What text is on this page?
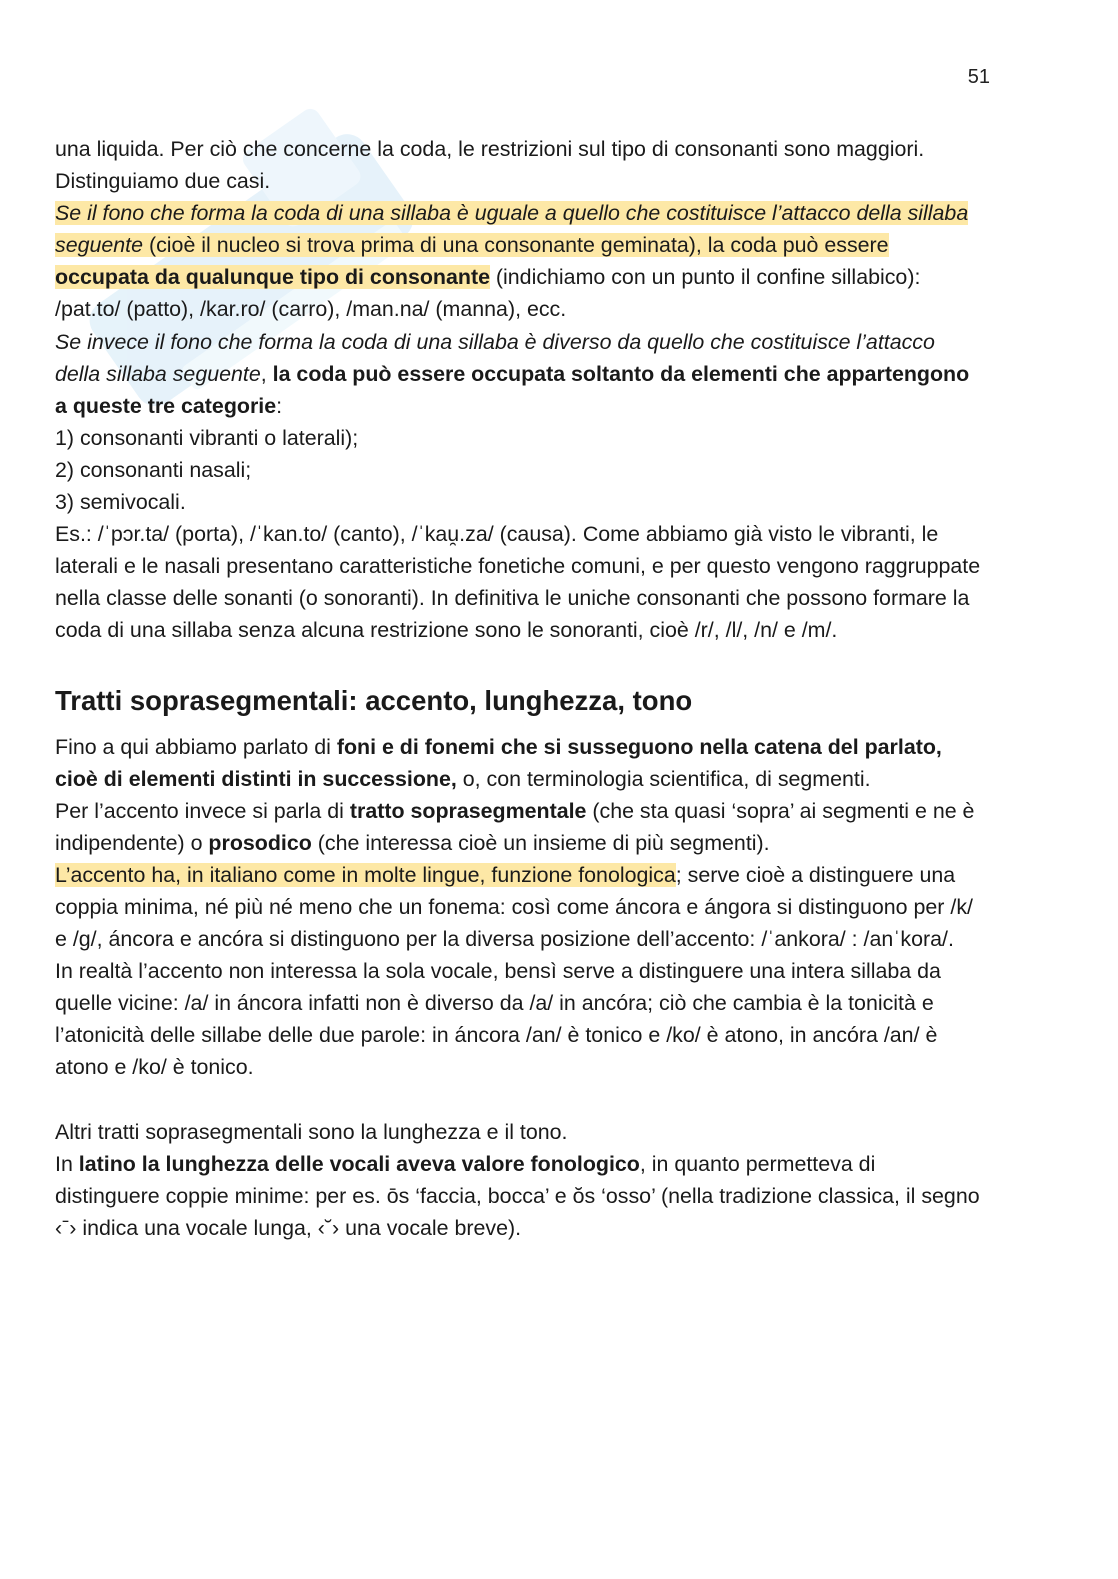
51

una liquida. Per ciò che concerne la coda, le restrizioni sul tipo di consonanti sono maggiori.

Distinguiamo due casi.

Se il fono che forma la coda di una sillaba è uguale a quello che costituisce l’attacco della sillaba seguente (cioè il nucleo si trova prima di una consonante geminata), la coda può essere occupata da qualunque tipo di consonante (indichiamo con un punto il confine sillabico): /pat.to/ (patto), /kar.ro/ (carro), /man.na/ (manna), ecc.

Se invece il fono che forma la coda di una sillaba è diverso da quello che costituisce l’attacco della sillaba seguente, la coda può essere occupata soltanto da elementi che appartengono a queste tre categorie:

1) consonanti vibranti o laterali);

2) consonanti nasali;

3) semivocali.

Es.: /ˈpɔr.ta/ (porta), /ˈkan.to/ (canto), /ˈkau̯.za/ (causa). Come abbiamo già visto le vibranti, le laterali e le nasali presentano caratteristiche fonetiche comuni, e per questo vengono raggruppate nella classe delle sonanti (o sonoranti). In definitiva le uniche consonanti che possono formare la coda di una sillaba senza alcuna restrizione sono le sonoranti, cioè /r/, /l/, /n/ e /m/.

Tratti soprasegmentali: accento, lunghezza, tono

Fino a qui abbiamo parlato di foni e di fonemi che si susseguono nella catena del parlato, cioè di elementi distinti in successione, o, con terminologia scientifica, di segmenti.

Per l’accento invece si parla di tratto soprasegmentale (che sta quasi ‘sopra’ ai segmenti e ne è indipendente) o prosodico (che interessa cioè un insieme di più segmenti).

L’accento ha, in italiano come in molte lingue, funzione fonologica; serve cioè a distinguere una coppia minima, né più né meno che un fonema: così come áncora e ángora si distinguono per /k/ e /g/, áncora e ancóra si distinguono per la diversa posizione dell’accento: /ˈankora/ : /anˈkora/.

In realtà l’accento non interessa la sola vocale, bensì serve a distinguere una intera sillaba da quelle vicine: /a/ in áncora infatti non è diverso da /a/ in ancóra; ciò che cambia è la tonicità e l’atonicità delle sillabe delle due parole: in áncora /an/ è tonico e /ko/ è atono, in ancóra /an/ è atono e /ko/ è tonico.

Altri tratti soprasegmentali sono la lunghezza e il tono.

In latino la lunghezza delle vocali aveva valore fonologico, in quanto permetteva di distinguere coppie minime: per es. ōs ‘faccia, bocca’ e ŏs ‘osso’ (nella tradizione classica, il segno ‹ˉ› indica una vocale lunga, ‹˘› una vocale breve).
